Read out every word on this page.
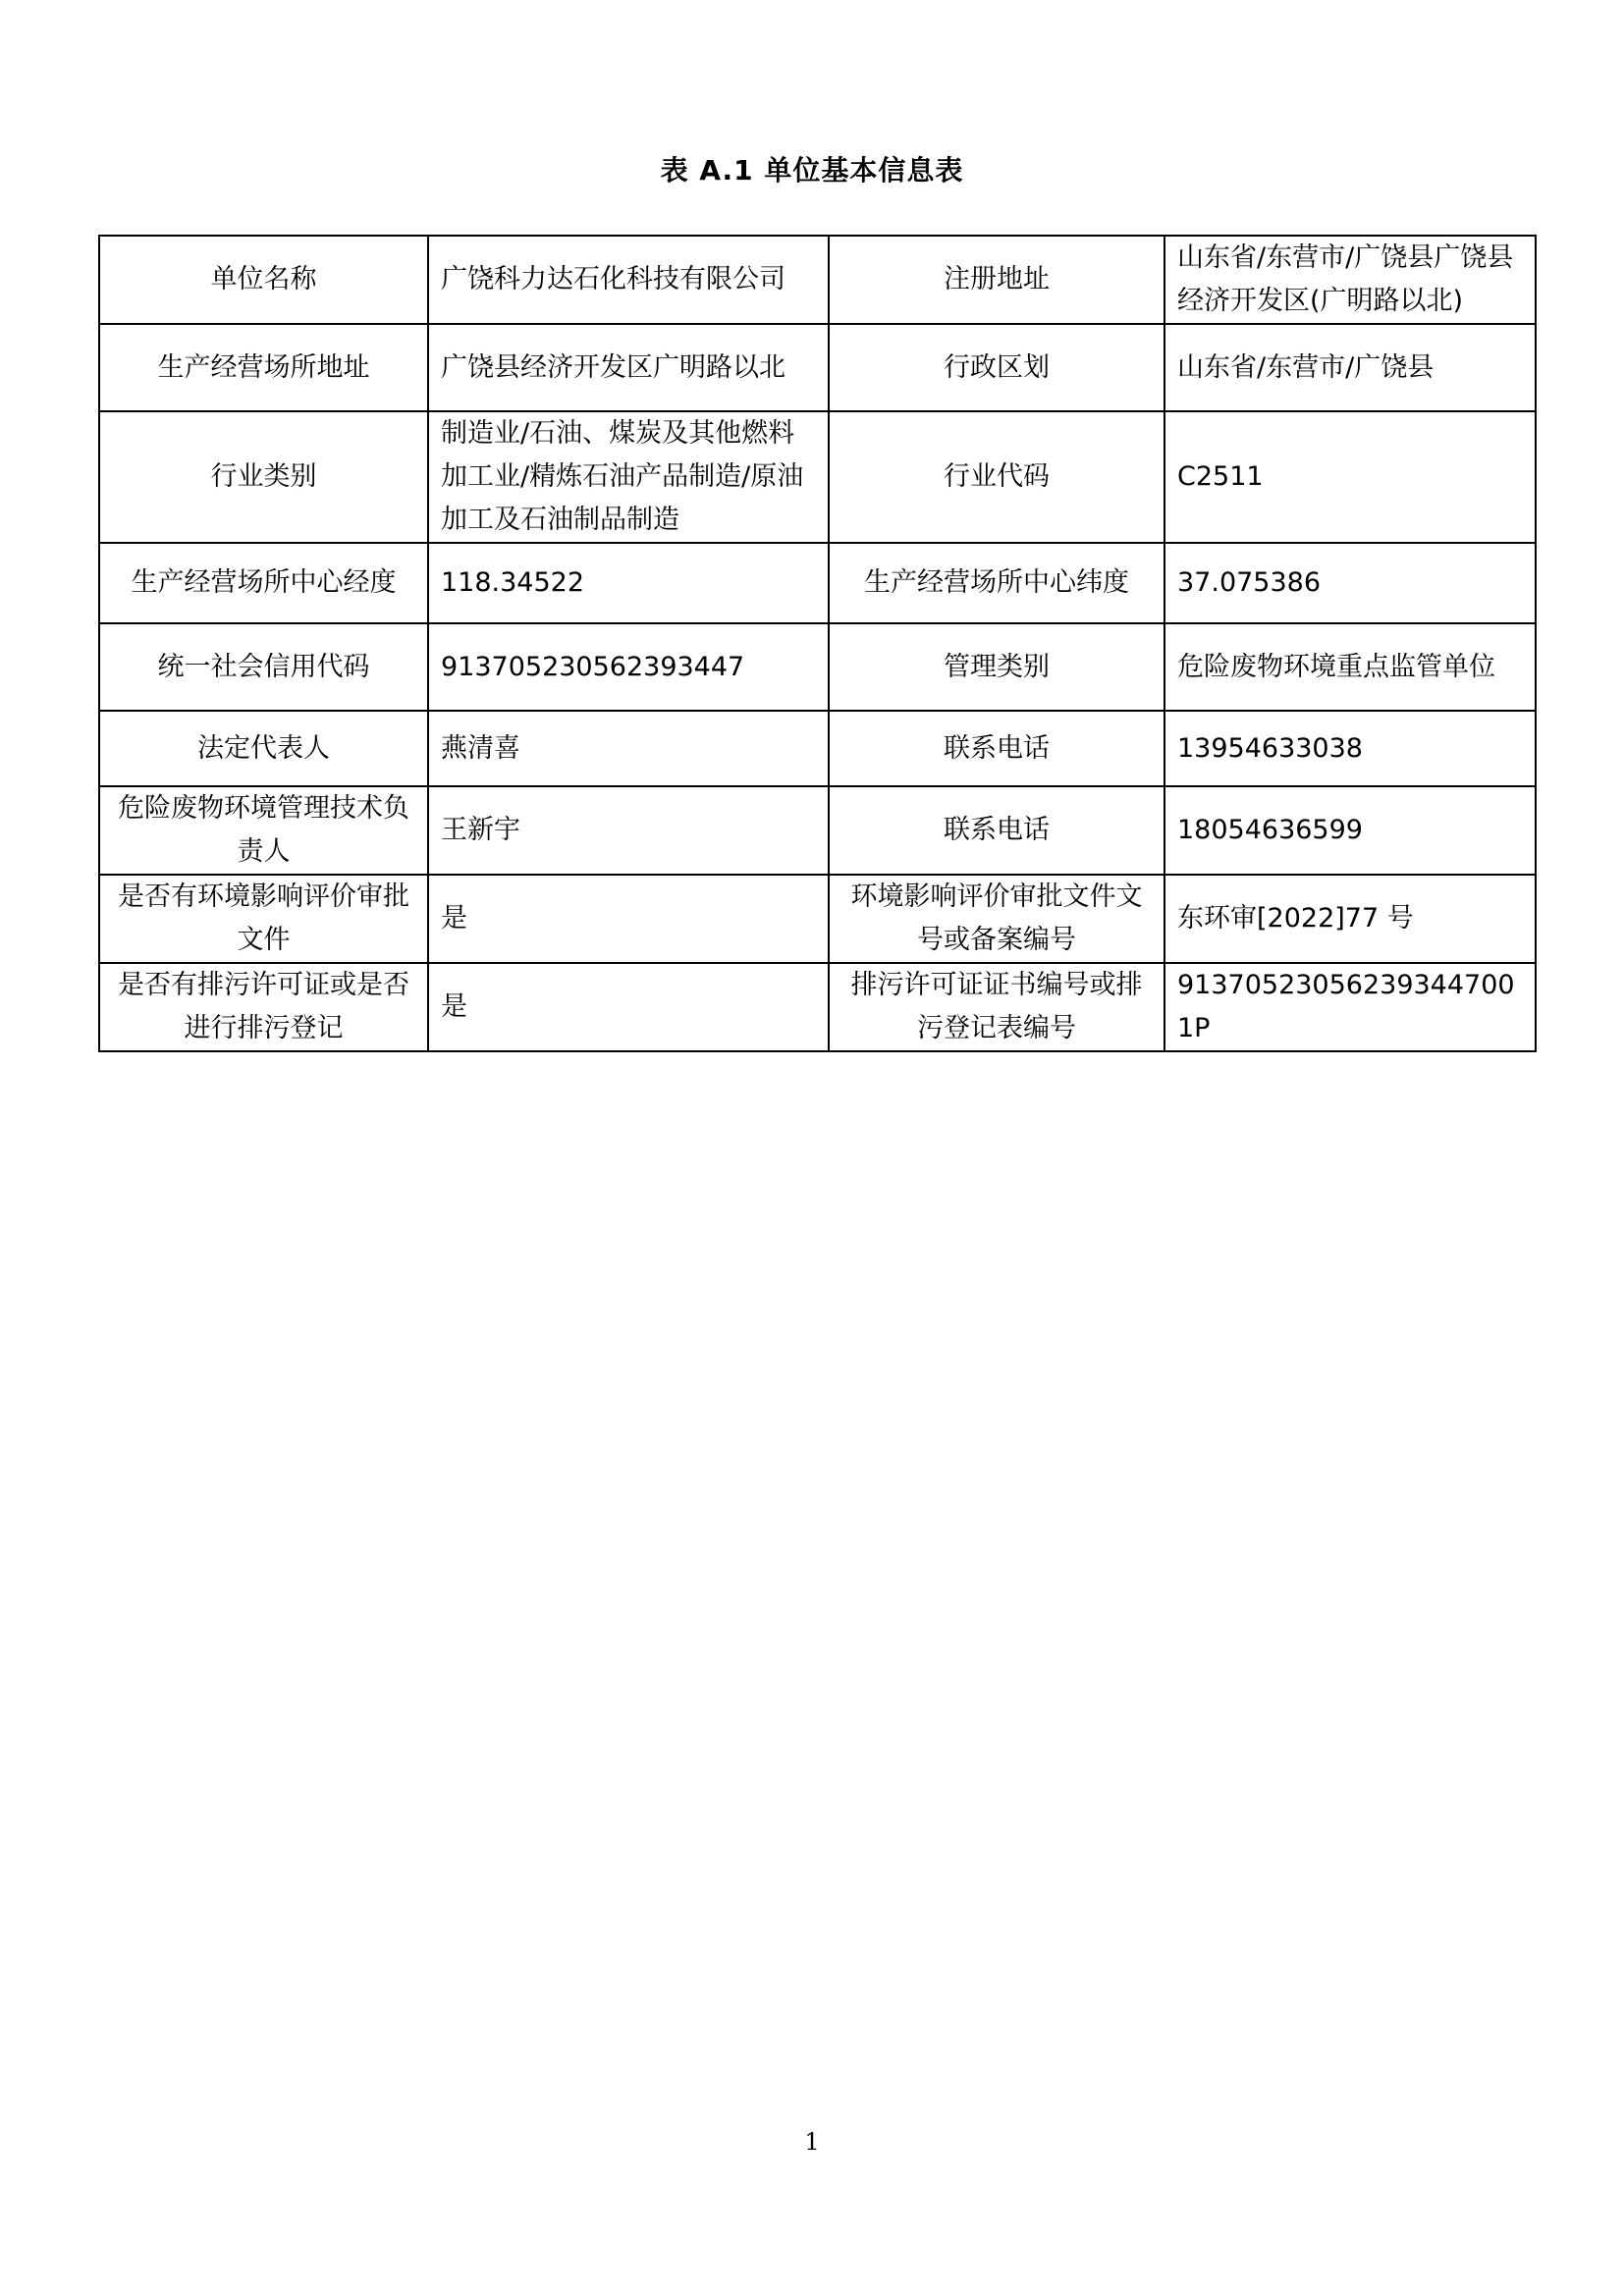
表 A.1 单位基本信息表
单位名称	广饶科力达石化科技有限公司	注册地址	山东省/东营市/广饶县广饶县经济开发区(广明路以北)
生产经营场所地址	广饶县经济开发区广明路以北	行政区划	山东省/东营市/广饶县
行业类别	制造业/石油、煤炭及其他燃料加工业/精炼石油产品制造/原油加工及石油制品制造	行业代码	C2511
生产经营场所中心经度	118.34522	生产经营场所中心纬度	37.075386
统一社会信用代码	913705230562393447	管理类别	危险废物环境重点监管单位
法定代表人	燕清喜	联系电话	13954633038
危险废物环境管理技术负责人	王新宇	联系电话	18054636599
是否有环境影响评价审批文件	是	环境影响评价审批文件文号或备案编号	东环审[2022]77 号
是否有排污许可证或是否进行排污登记	是	排污许可证证书编号或排污登记表编号	913705230562393447001P
1
